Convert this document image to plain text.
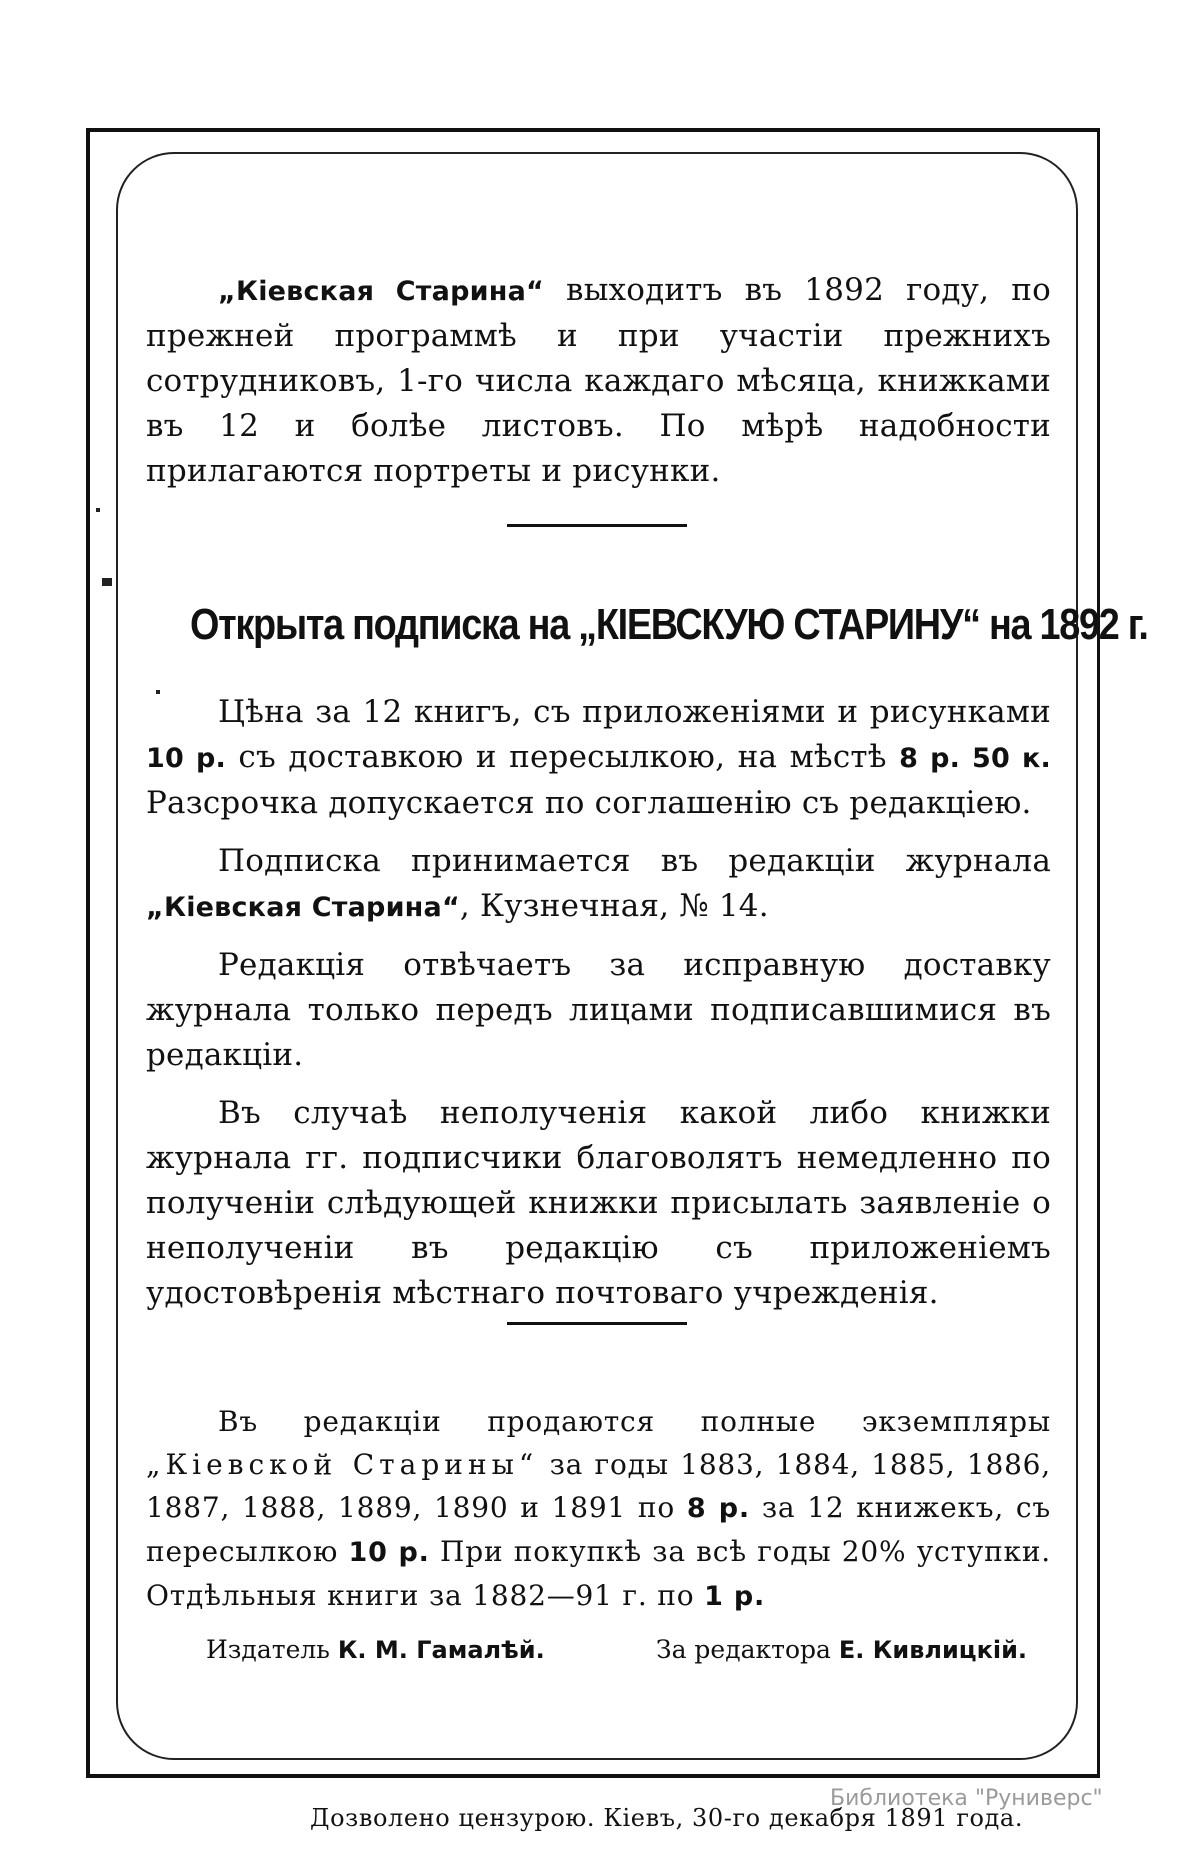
„Кіевская Старина“ выходитъ въ 1892 году, по прежней программѣ и при участіи прежнихъ сотрудниковъ, 1-го числа каждаго мѣсяца, книжками въ 12 и болѣе листовъ. По мѣрѣ надобности прилагаются портреты и рисунки.

Открыта подписка на „КІЕВСКУЮ СТАРИНУ“ на 1892 г.

Цѣна за 12 книгъ, съ приложеніями и рисунками 10 р. съ доставкою и пересылкою, на мѣстѣ 8 р. 50 к. Разсрочка допускается по соглашенію съ редакціею.

Подписка принимается въ редакціи журнала „Кіевская Старина“, Кузнечная, № 14.

Редакція отвѣчаетъ за исправную доставку журнала только передъ лицами подписавшимися въ редакціи.

Въ случаѣ неполученія какой либо книжки журнала гг. подписчики благоволятъ немедленно по полученіи слѣдующей книжки присылать заявленіе о неполученіи въ редакцію съ приложеніемъ удостовѣренія мѣстнаго почтоваго учрежденія.

Въ редакціи продаются полные экземпляры „Кіевской Старины“ за годы 1883, 1884, 1885, 1886, 1887, 1888, 1889, 1890 и 1891 по 8 р. за 12 книжекъ, съ пересылкою 10 р. При покупкѣ за всѣ годы 20% уступки. Отдѣльныя книги за 1882—91 г. по 1 р.

Издатель К. М. Гамалѣй.	За редактора Е. Кивлицкій.
Библиотека "Руниверс"
Дозволено цензурою. Кіевъ, 30-го декабря 1891 года.
